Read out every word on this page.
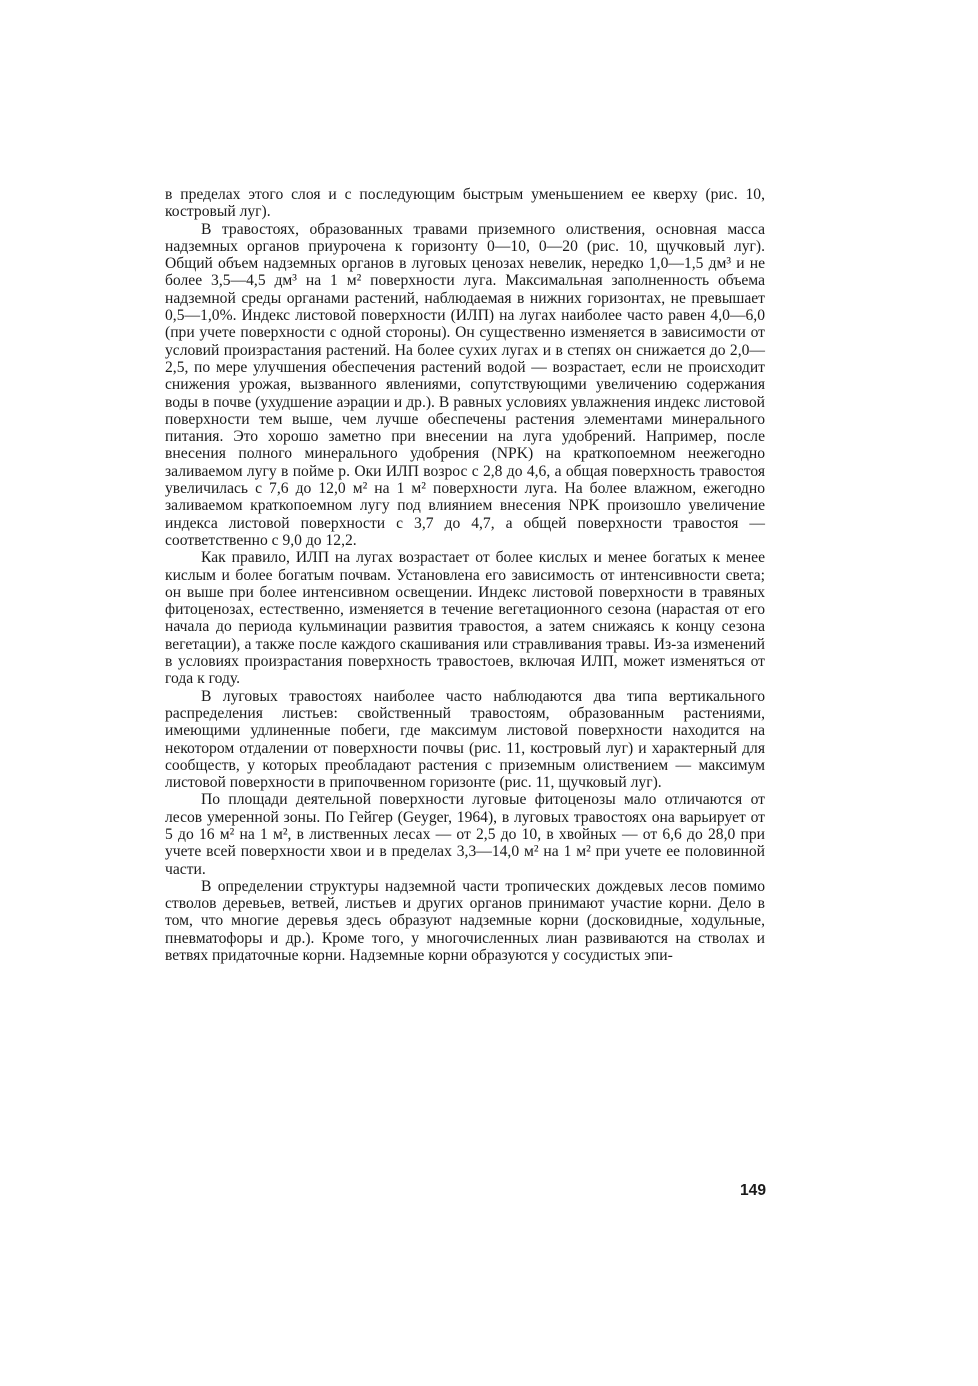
в пределах этого слоя и с последующим быстрым уменьшением ее кверху (рис. 10, костровый луг).

В травостоях, образованных травами приземного олиствения, основная масса надземных органов приурочена к горизонту 0—10, 0—20 (рис. 10, щучковый луг). Общий объем надземных органов в луговых ценозах невелик, нередко 1,0—1,5 дм³ и не более 3,5—4,5 дм³ на 1 м² поверхности луга. Максимальная заполненность объема надземной среды органами растений, наблюдаемая в нижних горизонтах, не превышает 0,5—1,0%. Индекс листовой поверхности (ИЛП) на лугах наиболее часто равен 4,0—6,0 (при учете поверхности с одной стороны). Он существенно изменяется в зависимости от условий произрастания растений. На более сухих лугах и в степях он снижается до 2,0—2,5, по мере улучшения обеспечения растений водой — возрастает, если не происходит снижения урожая, вызванного явлениями, сопутствующими увеличению содержания воды в почве (ухудшение аэрации и др.). В равных условиях увлажнения индекс листовой поверхности тем выше, чем лучше обеспечены растения элементами минерального питания. Это хорошо заметно при внесении на луга удобрений. Например, после внесения полного минерального удобрения (NPK) на краткопоемном неежегодно заливаемом лугу в пойме р. Оки ИЛП возрос с 2,8 до 4,6, а общая поверхность травостоя увеличилась с 7,6 до 12,0 м² на 1 м² поверхности луга. На более влажном, ежегодно заливаемом краткопоемном лугу под влиянием внесения NPK произошло увеличение индекса листовой поверхности с 3,7 до 4,7, а общей поверхности травостоя — соответственно с 9,0 до 12,2.

Как правило, ИЛП на лугах возрастает от более кислых и менее богатых к менее кислым и более богатым почвам. Установлена его зависимость от интенсивности света; он выше при более интенсивном освещении. Индекс листовой поверхности в травяных фитоценозах, естественно, изменяется в течение вегетационного сезона (нарастая от его начала до периода кульминации развития травостоя, а затем снижаясь к концу сезона вегетации), а также после каждого скашивания или стравливания травы. Из-за изменений в условиях произрастания поверхность травостоев, включая ИЛП, может изменяться от года к году.

В луговых травостоях наиболее часто наблюдаются два типа вертикального распределения листьев: свойственный травостоям, образованным растениями, имеющими удлиненные побеги, где максимум листовой поверхности находится на некотором отдалении от поверхности почвы (рис. 11, костровый луг) и характерный для сообществ, у которых преобладают растения с приземным олиствением — максимум листовой поверхности в припочвенном горизонте (рис. 11, щучковый луг).

По площади деятельной поверхности луговые фитоценозы мало отличаются от лесов умеренной зоны. По Гейгер (Geyger, 1964), в луговых травостоях она варьирует от 5 до 16 м² на 1 м², в лиственных лесах — от 2,5 до 10, в хвойных — от 6,6 до 28,0 при учете всей поверхности хвои и в пределах 3,3—14,0 м² на 1 м² при учете ее половинной части.

В определении структуры надземной части тропических дождевых лесов помимо стволов деревьев, ветвей, листьев и других органов принимают участие корни. Дело в том, что многие деревья здесь образуют надземные корни (досковидные, ходульные, пневматофоры и др.). Кроме того, у многочисленных лиан развиваются на стволах и ветвях придаточные корни. Надземные корни образуются у сосудистых эпи-

149
